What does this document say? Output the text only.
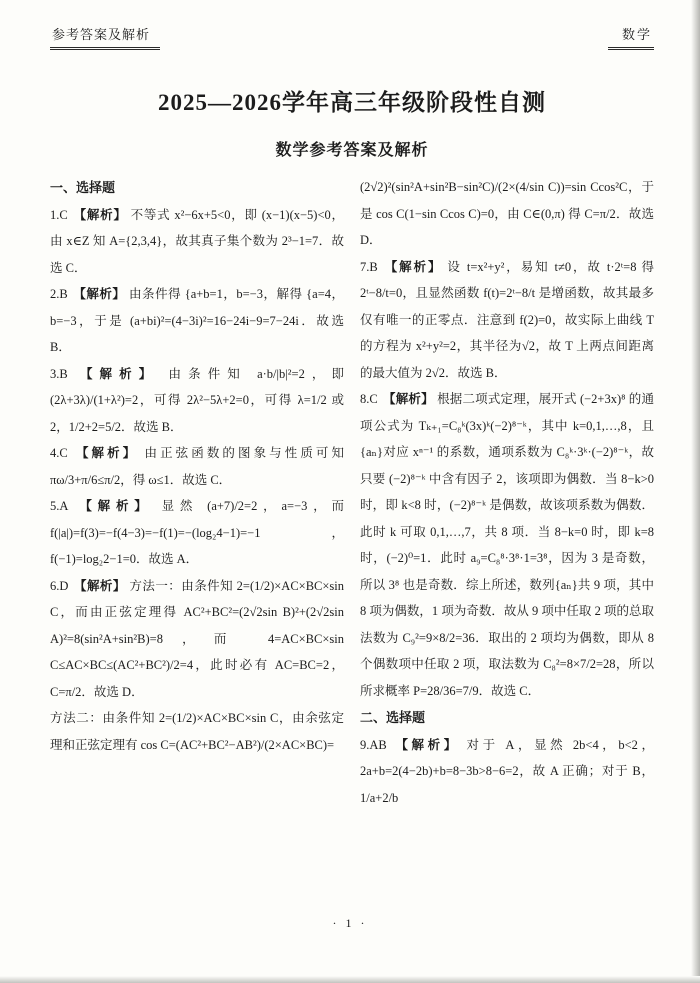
参考答案及解析	数学
2025—2026学年高三年级阶段性自测
数学参考答案及解析
一、选择题

1.C 【解析】 不等式 x²−6x+5<0，即 (x−1)(x−5)<0，由 x∈Z 知 A={2,3,4}，故其真子集个数为 2³−1=7．故选 C．

2.B 【解析】 由条件得 {a+b=1，b=−3，解得 {a=4，b=−3，于是 (a+bi)²=(4−3i)²=16−24i−9=7−24i．故选 B．

3.B 【解析】 由条件知 a·b/|b|²=2，即 (2λ+3λ)/(1+λ²)=2，可得 2λ²−5λ+2=0，可得 λ=1/2 或 2，1/2+2=5/2．故选 B．

4.C 【解析】 由正弦函数的图象与性质可知 πω/3+π/6≤π/2，得 ω≤1．故选 C．

5.A 【解析】 显然 (a+7)/2=2，a=−3，而 f(|a|)=f(3)=−f(4−3)=−f(1)=−(log₂4−1)=−1，f(−1)=log₂2−1=0．故选 A．

6.D 【解析】 方法一：由条件知 2=(1/2)×AC×BC×sin C，而由正弦定理得 AC²+BC²=(2√2sin B)²+(2√2sin A)²=8(sin²A+sin²B)=8，而 4=AC×BC×sin C≤AC×BC≤(AC²+BC²)/2=4，此时必有 AC=BC=2，C=π/2．故选 D．

方法二：由条件知 2=(1/2)×AC×BC×sin C，由余弦定理和正弦定理有 cos C=(AC²+BC²−AB²)/(2×AC×BC)=

(2√2)²(sin²A+sin²B−sin²C)/(2×(4/sin C))=sin Ccos²C，于是 cos C(1−sin Ccos C)=0，由 C∈(0,π) 得 C=π/2．故选 D．

7.B 【解析】 设 t=x²+y²，易知 t≠0，故 t·2ᵗ=8 得 2ᵗ−8/t=0，且显然函数 f(t)=2ᵗ−8/t 是增函数，故其最多仅有唯一的正零点．注意到 f(2)=0，故实际上曲线 T 的方程为 x²+y²=2，其半径为√2，故 T 上两点间距离的最大值为 2√2．故选 B．

8.C 【解析】 根据二项式定理，展开式 (−2+3x)⁸ 的通项公式为 Tₖ₊₁=C₈ᵏ(3x)ᵏ(−2)⁸⁻ᵏ，其中 k=0,1,…,8，且{aₙ}对应 xⁿ⁻¹ 的系数，通项系数为 C₈ᵏ·3ᵏ·(−2)⁸⁻ᵏ，故只要 (−2)⁸⁻ᵏ 中含有因子 2，该项即为偶数．当 8−k>0 时，即 k<8 时，(−2)⁸⁻ᵏ 是偶数，故该项系数为偶数．此时 k 可取 0,1,…,7，共 8 项．当 8−k=0 时，即 k=8 时，(−2)⁰=1．此时 a₉=C₈⁸·3⁸·1=3⁸，因为 3 是奇数，所以 3⁸ 也是奇数．综上所述，数列{aₙ}共 9 项，其中 8 项为偶数，1 项为奇数．故从 9 项中任取 2 项的总取法数为 C₉²=9×8/2=36．取出的 2 项均为偶数，即从 8 个偶数项中任取 2 项，取法数为 C₈²=8×7/2=28，所以所求概率 P=28/36=7/9．故选 C．

二、选择题

9.AB 【解析】 对于 A，显然 2b<4，b<2，2a+b=2(4−2b)+b=8−3b>8−6=2，故 A 正确；对于 B，1/a+2/b

· 1 ·
